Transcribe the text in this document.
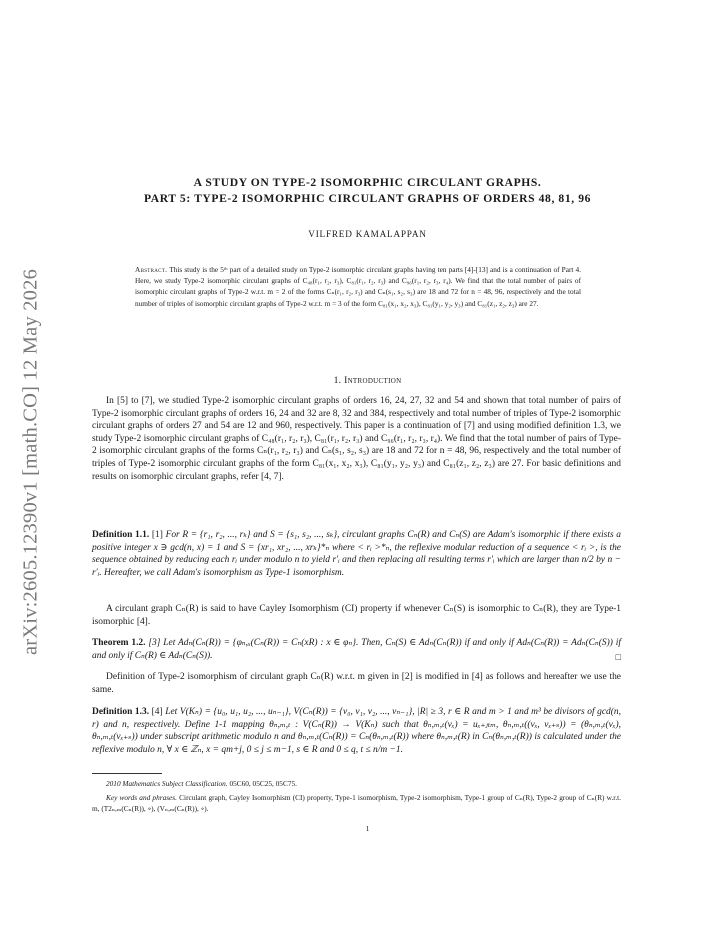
arXiv:2605.12390v1 [math.CO] 12 May 2026
A STUDY ON TYPE-2 ISOMORPHIC CIRCULANT GRAPHS.
PART 5: TYPE-2 ISOMORPHIC CIRCULANT GRAPHS OF ORDERS 48, 81, 96
VILFRED KAMALAPPAN
Abstract. This study is the 5ᵗʰ part of a detailed study on Type-2 isomorphic circulant graphs having ten parts [4]-[13] and is a continuation of Part 4. Here, we study Type-2 isomorphic circulant graphs of C₄₈(r₁, r₂, r₃), C₈₁(r₁, r₂, r₃) and C₉₆(r₁, r₂, r₃, r₄). We find that the total number of pairs of isomorphic circulant graphs of Type-2 w.r.t. m = 2 of the forms Cₙ(r₁, r₂, r₃) and Cₙ(s₁, s₂, s₃) are 18 and 72 for n = 48, 96, respectively and the total number of triples of isomorphic circulant graphs of Type-2 w.r.t. m = 3 of the form C₈₁(x₁, x₂, x₃), C₈₁(y₁, y₂, y₃) and C₈₁(z₁, z₂, z₃) are 27.
1. Introduction
In [5] to [7], we studied Type-2 isomorphic circulant graphs of orders 16, 24, 27, 32 and 54 and shown that total number of pairs of Type-2 isomorphic circulant graphs of orders 16, 24 and 32 are 8, 32 and 384, respectively and total number of triples of Type-2 isomorphic circulant graphs of orders 27 and 54 are 12 and 960, respectively. This paper is a continuation of [7] and using modified definition 1.3, we study Type-2 isomorphic circulant graphs of C₄₈(r₁, r₂, r₃), C₈₁(r₁, r₂, r₃) and C₉₆(r₁, r₂, r₃, r₄). We find that the total number of pairs of Type-2 isomorphic circulant graphs of the forms Cₙ(r₁, r₂, r₃) and Cₙ(s₁, s₂, s₃) are 18 and 72 for n = 48, 96, respectively and the total number of triples of Type-2 isomorphic circulant graphs of the form C₈₁(x₁, x₂, x₃), C₈₁(y₁, y₂, y₃) and C₈₁(z₁, z₂, z₃) are 27. For basic definitions and results on isomorphic circulant graphs, refer [4, 7].
Definition 1.1. [1] For R = {r₁, r₂, ..., rₖ} and S = {s₁, s₂, ..., sₖ}, circulant graphs Cₙ(R) and Cₙ(S) are Adam's isomorphic if there exists a positive integer x ∋ gcd(n, x) = 1 and S = {xr₁, xr₂, ..., xrₖ}*ₙ where < rᵢ >*ₙ, the reflexive modular reduction of a sequence < rᵢ >, is the sequence obtained by reducing each rᵢ under modulo n to yield r′ᵢ and then replacing all resulting terms r′ᵢ which are larger than n/2 by n − r′ᵢ. Hereafter, we call Adam's isomorphism as Type-1 isomorphism.
A circulant graph Cₙ(R) is said to have Cayley Isomorphism (CI) property if whenever Cₙ(S) is isomorphic to Cₙ(R), they are Type-1 isomorphic [4].
Theorem 1.2. [3] Let Adₙ(Cₙ(R)) = {φₙ,ₓ(Cₙ(R)) = Cₙ(xR) : x ∈ φₙ}. Then, Cₙ(S) ∈ Adₙ(Cₙ(R)) if and only if Adₙ(Cₙ(R)) = Adₙ(Cₙ(S)) if and only if Cₙ(R) ∈ Adₙ(Cₙ(S)).	□
Definition of Type-2 isomorphism of circulant graph Cₙ(R) w.r.t. m given in [2] is modified in [4] as follows and hereafter we use the same.
Definition 1.3. [4] Let V(Kₙ) = {u₀, u₁, u₂, ..., uₙ₋₁}, V(Cₙ(R)) = {v₀, v₁, v₂, ..., vₙ₋₁}, |R| ≥ 3, r ∈ R and m > 1 and m³ be divisors of gcd(n, r) and n, respectively. Define 1-1 mapping θₙ,ₘ,ₜ : V(Cₙ(R)) → V(Kₙ) such that θₙ,ₘ,ₜ(vₓ) = uₓ₊ⱼₜₘ, θₙ,ₘ,ₜ((vₓ, vₓ₊ₛ)) = (θₙ,ₘ,ₜ(vₓ), θₙ,ₘ,ₜ(vₓ₊ₛ)) under subscript arithmetic modulo n and θₙ,ₘ,ₜ(Cₙ(R)) = Cₙ(θₙ,ₘ,ₜ(R)) where θₙ,ₘ,ₜ(R) in Cₙ(θₙ,ₘ,ₜ(R)) is calculated under the reflexive modulo n, ∀ x ∈ ℤₙ, x = qm+j, 0 ≤ j ≤ m−1, s ∈ R and 0 ≤ q, t ≤ n/m −1.
2010 Mathematics Subject Classification. 05C60, 05C25, 05C75.
Key words and phrases. Circulant graph, Cayley Isomorphism (CI) property, Type-1 isomorphism, Type-2 isomorphism, Type-1 group of Cₙ(R), Type-2 group of Cₙ(R) w.r.t. m, (T2ₙ,ₘ(Cₙ(R)), ∘), (Vₙ,ₘ(Cₙ(R)), ∘).
1
